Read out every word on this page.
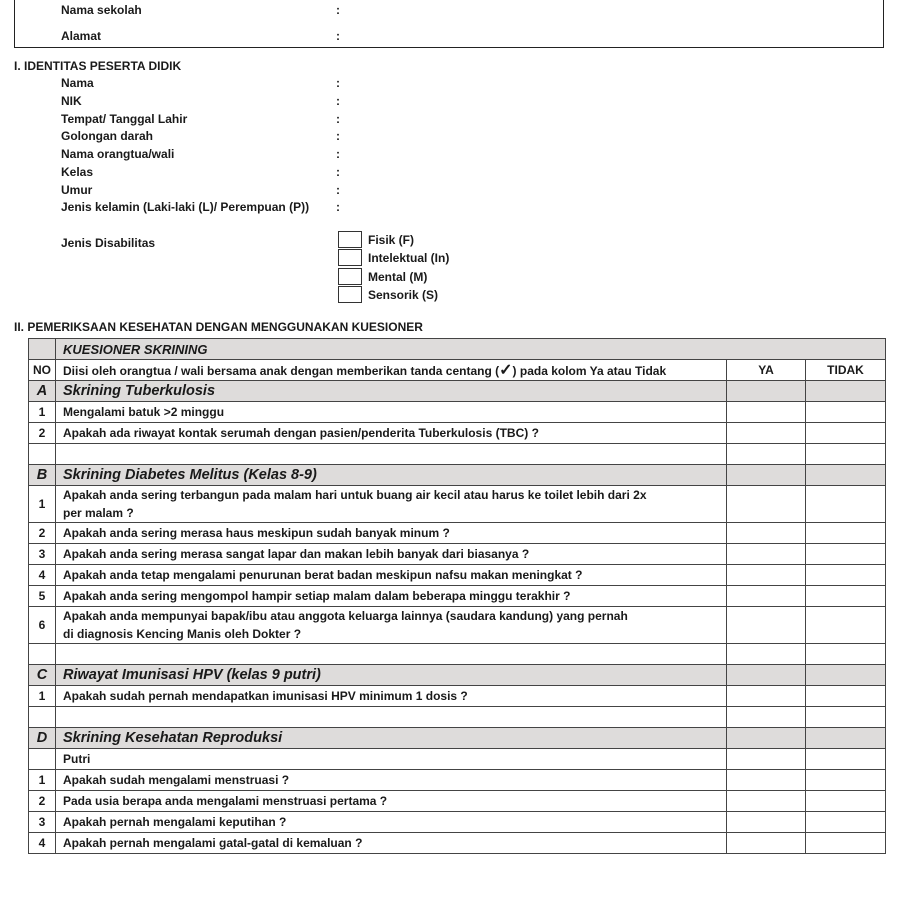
Nama sekolah	:
Alamat	:
I. IDENTITAS PESERTA DIDIK
Nama	:
NIK	:
Tempat/ Tanggal Lahir	:
Golongan darah	:
Nama orangtua/wali	:
Kelas	:
Umur	:
Jenis kelamin (Laki-laki (L)/ Perempuan (P)) :
Jenis Disabilitas	Fisik (F)
Intelektual (In)
Mental (M)
Sensorik (S)
II. PEMERIKSAAN KESEHATAN DENGAN MENGGUNAKAN KUESIONER
	KUESIONER SKRINING		
NO	Diisi oleh orangtua / wali bersama anak dengan memberikan tanda centang (✓) pada kolom Ya atau Tidak	YA	TIDAK
A	Skrining Tuberkulosis		
1	Mengalami batuk >2 minggu		
2	Apakah ada riwayat kontak serumah dengan pasien/penderita Tuberkulosis (TBC) ?		

B	Skrining Diabetes Melitus (Kelas 8-9)		
1	Apakah anda sering terbangun pada malam hari untuk buang air kecil atau harus ke toilet lebih dari 2x
per malam ?		

2	Apakah anda sering merasa haus meskipun sudah banyak minum ?		
3	Apakah anda sering merasa sangat lapar dan makan lebih banyak dari biasanya ?		
4	Apakah anda tetap mengalami penurunan berat badan meskipun nafsu makan meningkat ?		
5	Apakah anda sering mengompol hampir setiap malam dalam beberapa minggu terakhir ?		
6	Apakah anda mempunyai bapak/ibu atau anggota keluarga lainnya (saudara kandung) yang pernah
di diagnosis Kencing Manis oleh Dokter ?		

C	Riwayat Imunisasi HPV (kelas 9 putri)		
1	Apakah sudah pernah mendapatkan imunisasi HPV minimum 1 dosis ?		

D	Skrining Kesehatan Reproduksi		
	Putri		
1	Apakah sudah mengalami menstruasi ?		
2	Pada usia berapa anda mengalami menstruasi pertama ?		
3	Apakah pernah mengalami keputihan ?		
4	Apakah pernah mengalami gatal-gatal di kemaluan ?		
